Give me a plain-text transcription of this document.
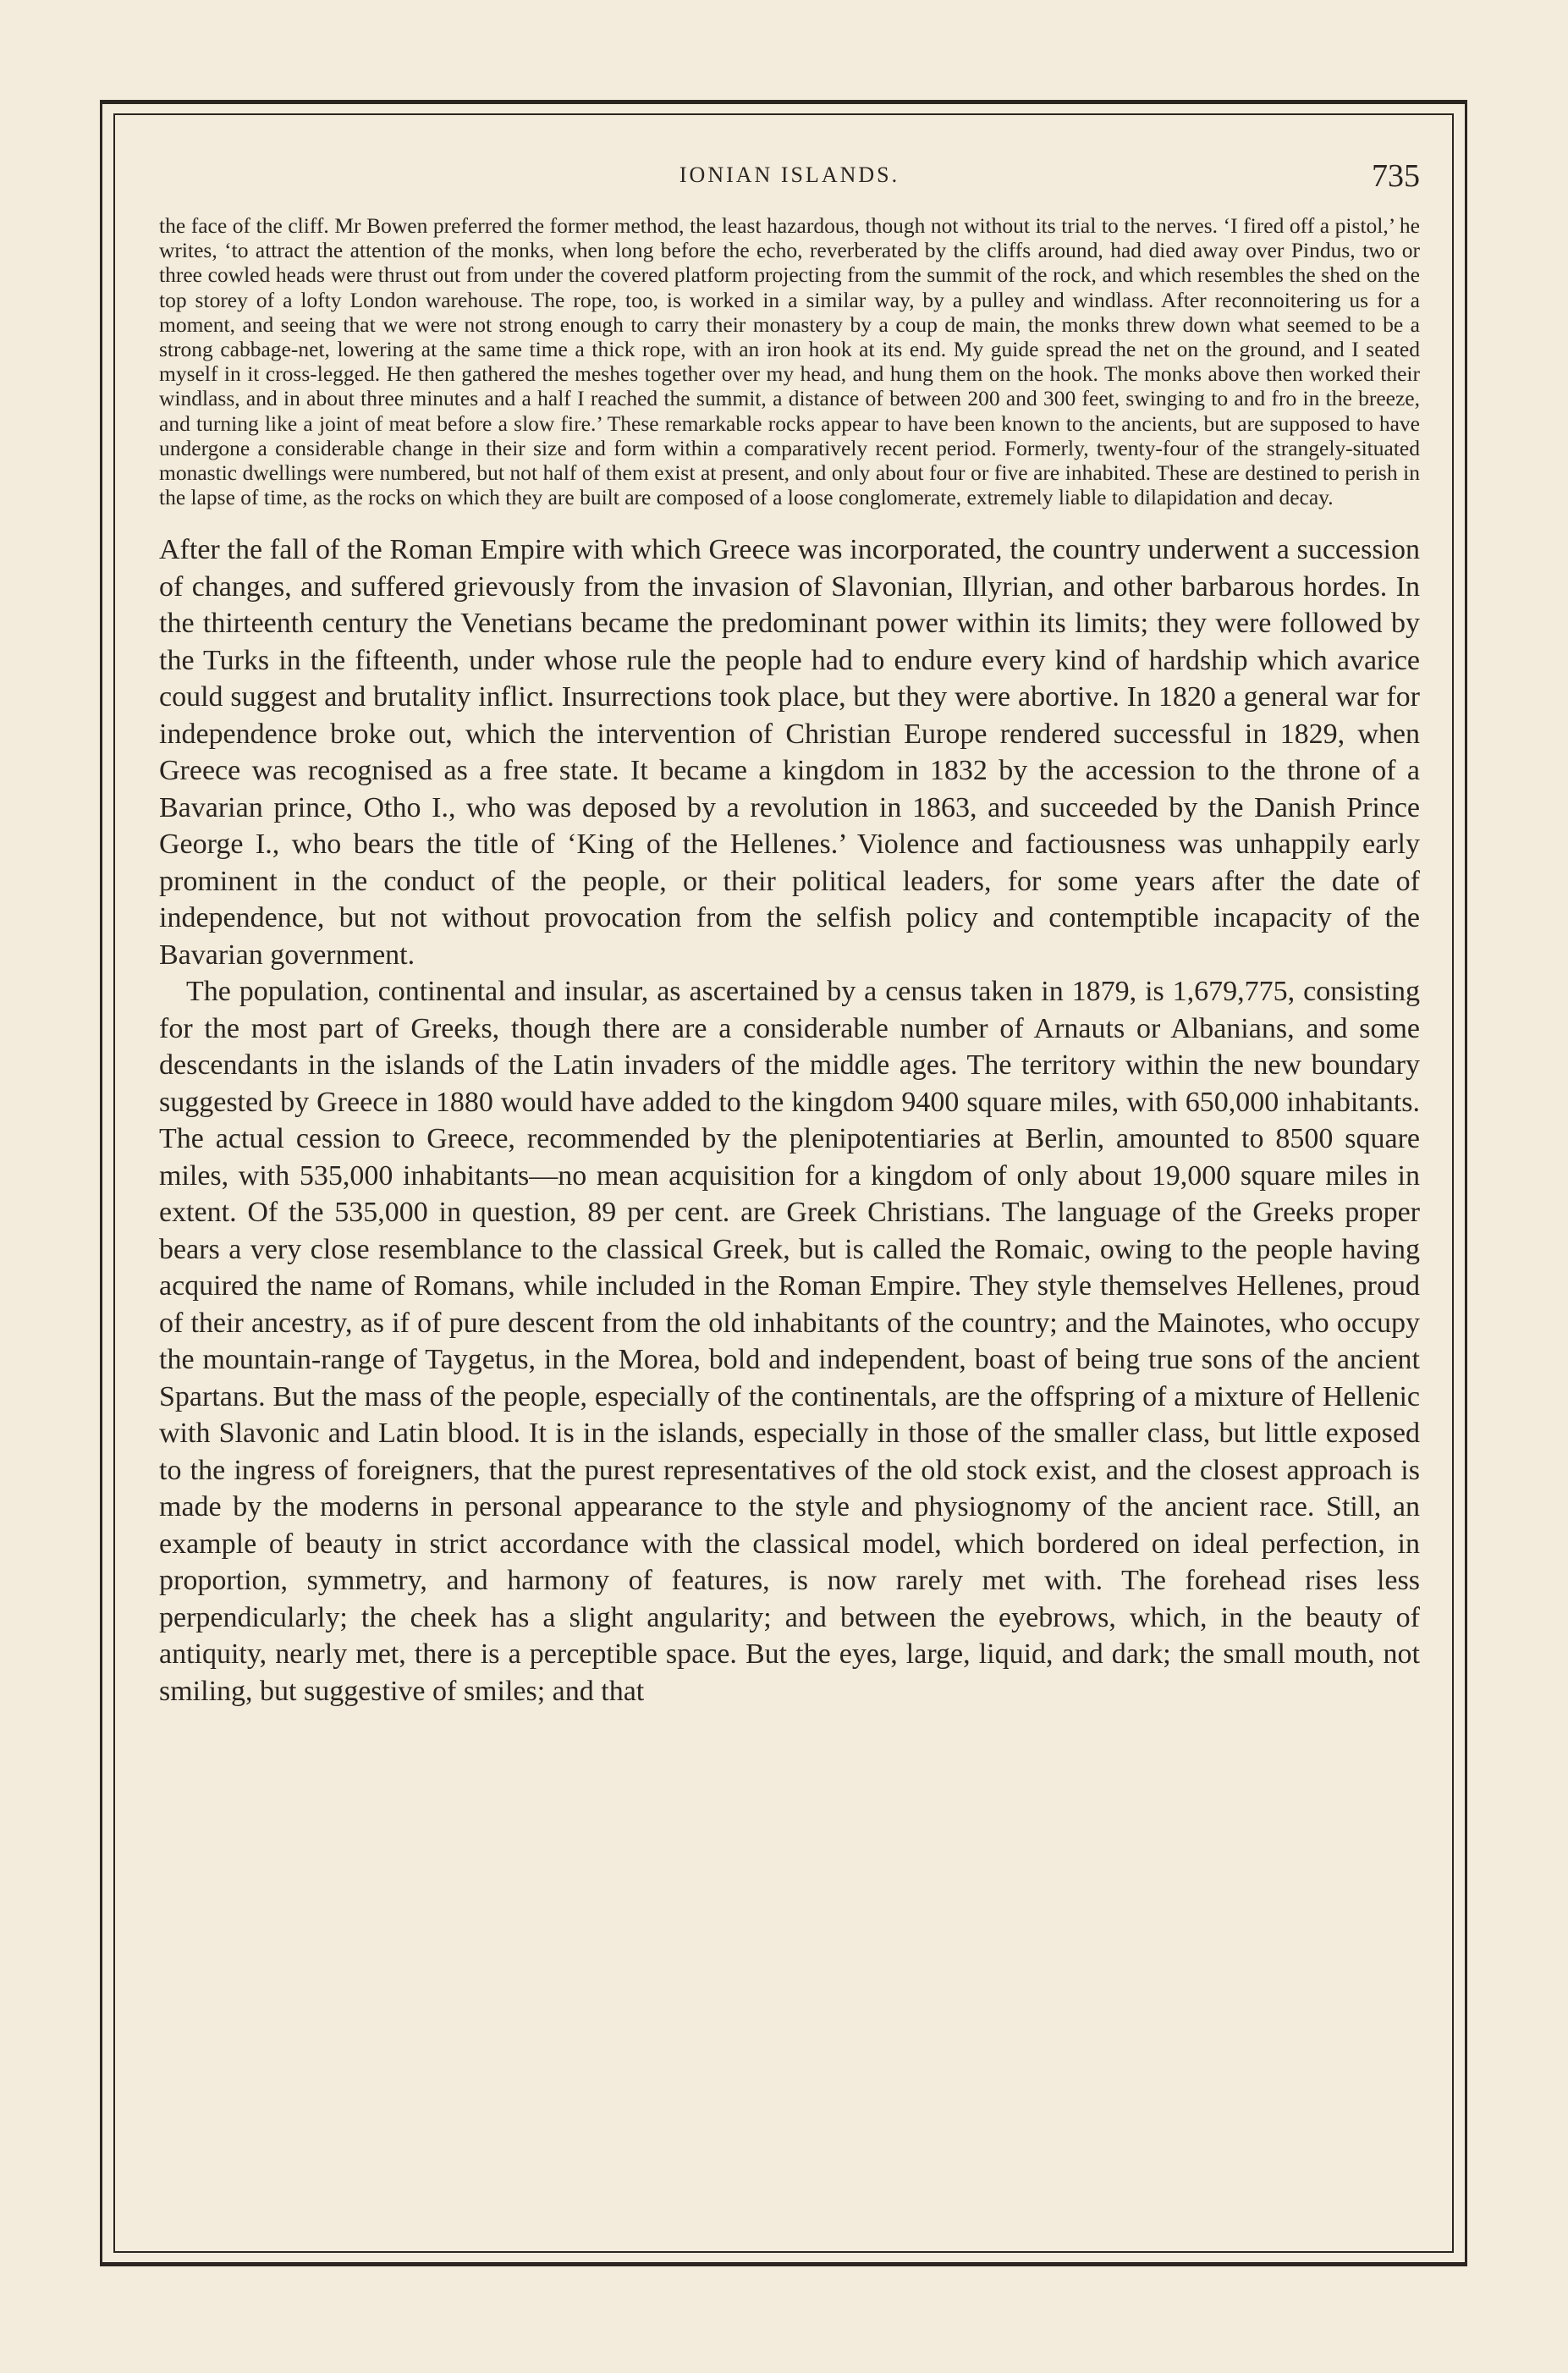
IONIAN ISLANDS.	735

the face of the cliff. Mr Bowen preferred the former method, the least hazardous, though not without its trial to the nerves. ‘I fired off a pistol,’ he writes, ‘to attract the attention of the monks, when long before the echo, reverberated by the cliffs around, had died away over Pindus, two or three cowled heads were thrust out from under the covered platform projecting from the summit of the rock, and which resembles the shed on the top storey of a lofty London warehouse. The rope, too, is worked in a similar way, by a pulley and windlass. After reconnoitering us for a moment, and seeing that we were not strong enough to carry their monastery by a coup de main, the monks threw down what seemed to be a strong cabbage-net, lowering at the same time a thick rope, with an iron hook at its end. My guide spread the net on the ground, and I seated myself in it cross-legged. He then gathered the meshes together over my head, and hung them on the hook. The monks above then worked their windlass, and in about three minutes and a half I reached the summit, a distance of between 200 and 300 feet, swinging to and fro in the breeze, and turning like a joint of meat before a slow fire.’ These remarkable rocks appear to have been known to the ancients, but are supposed to have undergone a considerable change in their size and form within a comparatively recent period. Formerly, twenty-four of the strangely-situated monastic dwellings were numbered, but not half of them exist at present, and only about four or five are inhabited. These are destined to perish in the lapse of time, as the rocks on which they are built are composed of a loose conglomerate, extremely liable to dilapidation and decay.

After the fall of the Roman Empire with which Greece was incorporated, the country underwent a succession of changes, and suffered grievously from the invasion of Slavonian, Illyrian, and other barbarous hordes. In the thirteenth century the Venetians became the predominant power within its limits; they were followed by the Turks in the fifteenth, under whose rule the people had to endure every kind of hardship which avarice could suggest and brutality inflict. Insurrections took place, but they were abortive. In 1820 a general war for independence broke out, which the intervention of Christian Europe rendered successful in 1829, when Greece was recognised as a free state. It became a kingdom in 1832 by the accession to the throne of a Bavarian prince, Otho I., who was deposed by a revolution in 1863, and succeeded by the Danish Prince George I., who bears the title of ‘King of the Hellenes.’ Violence and factiousness was unhappily early prominent in the conduct of the people, or their political leaders, for some years after the date of independence, but not without provocation from the selfish policy and contemptible incapacity of the Bavarian government.

The population, continental and insular, as ascertained by a census taken in 1879, is 1,679,775, consisting for the most part of Greeks, though there are a considerable number of Arnauts or Albanians, and some descendants in the islands of the Latin invaders of the middle ages. The territory within the new boundary suggested by Greece in 1880 would have added to the kingdom 9400 square miles, with 650,000 inhabitants. The actual cession to Greece, recommended by the plenipotentiaries at Berlin, amounted to 8500 square miles, with 535,000 inhabitants—no mean acquisition for a kingdom of only about 19,000 square miles in extent. Of the 535,000 in question, 89 per cent. are Greek Christians. The language of the Greeks proper bears a very close resemblance to the classical Greek, but is called the Romaic, owing to the people having acquired the name of Romans, while included in the Roman Empire. They style themselves Hellenes, proud of their ancestry, as if of pure descent from the old inhabitants of the country; and the Mainotes, who occupy the mountain-range of Taygetus, in the Morea, bold and independent, boast of being true sons of the ancient Spartans. But the mass of the people, especially of the continentals, are the offspring of a mixture of Hellenic with Slavonic and Latin blood. It is in the islands, especially in those of the smaller class, but little exposed to the ingress of foreigners, that the purest representatives of the old stock exist, and the closest approach is made by the moderns in personal appearance to the style and physiognomy of the ancient race. Still, an example of beauty in strict accordance with the classical model, which bordered on ideal perfection, in proportion, symmetry, and harmony of features, is now rarely met with. The forehead rises less perpendicularly; the cheek has a slight angularity; and between the eyebrows, which, in the beauty of antiquity, nearly met, there is a perceptible space. But the eyes, large, liquid, and dark; the small mouth, not smiling, but suggestive of smiles; and that
